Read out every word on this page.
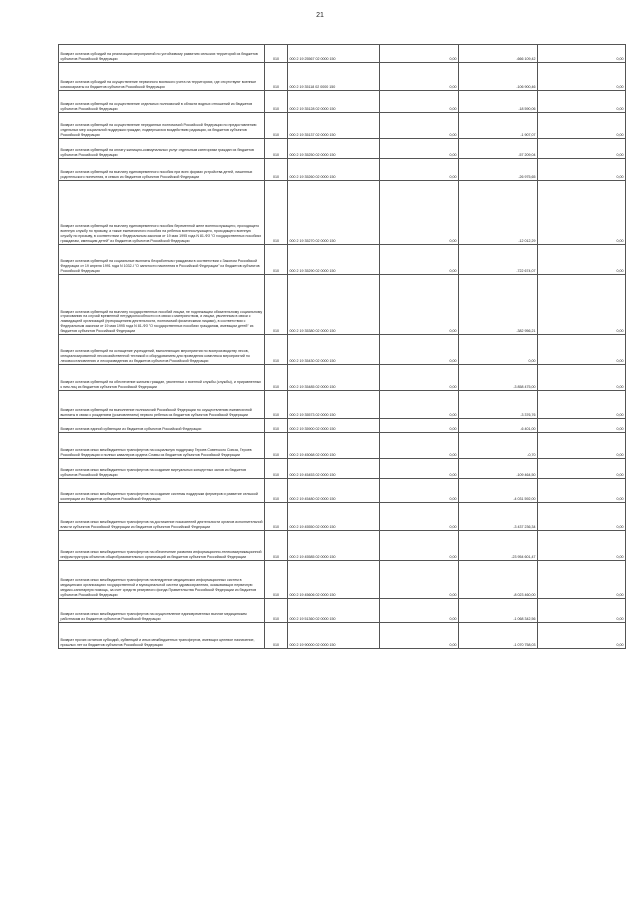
21
Возврат остатков субсидий на реализацию мероприятий по устойчивому развитию сельских территорий из бюджетов субъектов Российской Федерации	010	000 2 19 25567 02 0000 150	0,00	-666 109,42	0,00
Возврат остатков субсидий на осуществление первичного воинского учета на территориях, где отсутствуют военные комиссариаты из бюджетов субъектов Российской Федерации	010	000 2 19 35118 02 0000 150	0,00	-106 900,46	0,00
Возврат остатков субвенций на осуществление отдельных полномочий в области водных отношений из бюджетов субъектов Российской Федерации	010	000 2 19 35128 02 0000 150	0,00	-18 590,06	0,00
Возврат остатков субвенций на осуществление переданных полномочий Российской Федерации по предоставлению отдельных мер социальной поддержки граждан, подвергшихся воздействию радиации, из бюджетов субъектов Российской Федерации	010	000 2 19 35137 02 0000 150	0,00	-1 907,07	0,00
Возврат остатков субвенций на оплату жилищно-коммунальных услуг отдельным категориям граждан из бюджетов субъектов Российской Федерации	010	000 2 19 35250 02 0000 150	0,00	-57 209,04	0,00
Возврат остатков субвенций на выплату единовременного пособия при всех формах устройства детей, лишенных родительского попечения, в семью из бюджетов субъектов Российской Федерации	010	000 2 19 35260 02 0000 150	0,00	-26 975,65	0,00
Возврат остатков субвенций на выплату единовременного пособия беременной жене военнослужащего, проходящего военную службу по призыву, а также ежемесячного пособия на ребенка военнослужащего, проходящего военную службу по призыву, в соответствии с Федеральным законом от 19 мая 1995 года N 81-ФЗ "О государственных пособиях гражданам, имеющим детей" из бюджетов субъектов Российской Федерации	010	000 2 19 35270 02 0000 150	0,00	-12 012,29	0,00
Возврат остатков субвенций на социальные выплаты безработным гражданам в соответствии с Законом Российской Федерации от 19 апреля 1991 года N 1032-I "О занятости населения в Российской Федерации" из бюджетов субъектов Российской Федерации	010	000 2 19 35290 02 0000 150	0,00	-722 674,07	0,00
Возврат остатков субвенций на выплату государственных пособий лицам, не подлежащим обязательному социальному страхованию на случай временной нетрудоспособности и в связи с материнством, и лицам, уволенным в связи с ликвидацией организаций (прекращением деятельности, полномочий физическими лицами), в соответствии с Федеральным законом от 19 мая 1995 года N 81-ФЗ "О государственных пособиях гражданам, имеющим детей" из бюджетов субъектов Российской Федерации	010	000 2 19 35380 02 0000 150	0,00	-382 956,21	0,00
Возврат остатков субвенций на оснащение учреждений, выполняющих мероприятия по воспроизводству лесов, специализированной лесохозяйственной техникой и оборудованием для проведения комплекса мероприятий по лесовосстановлению и лесоразведению из бюджетов субъектов Российской Федерации	010	000 2 19 35430 02 0000 150	0,00	0,00	0,00
Возврат остатков субвенций на обеспечение жильем граждан, уволенных с военной службы (службы), и приравненных к ним лиц из бюджетов субъектов Российской Федерации	010	000 2 19 35485 02 0000 150	0,00	-3 858 475,00	0,00
Возврат остатков субвенций на выполнение полномочий Российской Федерации по осуществлению ежемесячной выплаты в связи с рождением (усыновлением) первого ребенка из бюджетов субъектов Российской Федерации	010	000 2 19 35573 02 0000 150	0,00	-3 376,76	0,00
Возврат остатков единой субвенции из бюджетов субъектов Российской Федерации	010	000 2 19 35900 02 0000 150	0,00	-6 401,00	0,00
Возврат остатков иных межбюджетных трансфертов на социальную поддержку Героев Советского Союза, Героев Российской Федерации и полных кавалеров ордена Славы из бюджетов субъектов Российской Федерации	010	000 2 19 45068 02 0000 150	0,00	-0,70	0,00
Возврат остатков иных межбюджетных трансфертов на создание виртуальных концертных залов из бюджетов субъектов Российской Федерации	010	000 2 19 45453 02 0000 150	0,00	-109 464,50	0,00
Возврат остатков иных межбюджетных трансфертов на создание системы поддержки фермеров и развитие сельской кооперации из бюджетов субъектов Российской Федерации	010	000 2 19 45480 02 0000 150	0,00	-4 031 592,00	0,00
Возврат остатков иных межбюджетных трансфертов на достижение показателей деятельности органов исполнительной власти субъектов Российской Федерации из бюджетов субъектов Российской Федерации	010	000 2 19 45550 02 0000 150	0,00	-3 437 236,34	0,00
Возврат остатков иных межбюджетных трансфертов на обеспечение развития информационно-телекоммуникационной инфраструктуры объектов общеобразовательных организаций из бюджетов субъектов Российской Федерации	010	000 2 19 45585 02 0000 150	0,00	-23 954 601,47	0,00
Возврат остатков иных межбюджетных трансфертов на внедрение медицинских информационных систем в медицинских организациях государственной и муниципальной систем здравоохранения, оказывающих первичную медико-санитарную помощь, за счет средств резервного фонда Правительства Российской Федерации из бюджетов субъектов Российской Федерации	010	000 2 19 45606 02 0000 150	0,00	-8 023 460,00	0,00
Возврат остатков иных межбюджетных трансфертов на осуществление единовременных выплат медицинским работникам из бюджетов субъектов Российской Федерации	010	000 2 19 51360 02 0000 150	0,00	-1 068 342,56	0,00
Возврат прочих остатков субсидий, субвенций и иных межбюджетных трансфертов, имеющих целевое назначение, прошлых лет из бюджетов субъектов Российской Федерации	010	000 2 19 90000 02 0000 150	0,00	-1 070 758,03	0,00
